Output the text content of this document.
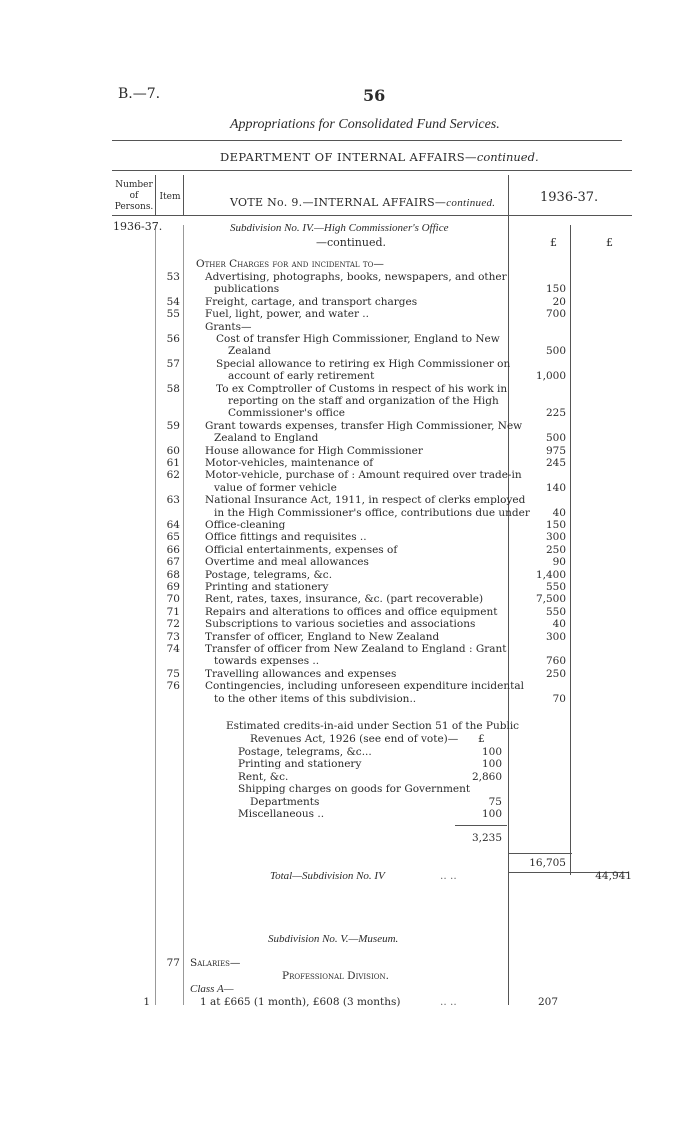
B.—7.	56
Appropriations for Consolidated Fund Services.
DEPARTMENT OF INTERNAL AFFAIRS—continued.
Number of Persons.
Item	VOTE No. 9.—INTERNAL AFFAIRS—continued.	1936-37.
1936-37.	Subdivision No. IV.—High Commissioner's Office
—continued.	£	£
Other Charges for and incidental to—
53 Advertising, photographs, books, newspapers, and other
publications	150
54 Freight, cartage, and transport charges	20
55 Fuel, light, power, and water ..	700
Grants—
56	Cost of transfer High Commissioner, England to New
Zealand	500
57	Special allowance to retiring ex High Commissioner on
account of early retirement	1,000
58	To ex Comptroller of Customs in respect of his work in
reporting on the staff and organization of the High
Commissioner's office	225
59 Grant towards expenses, transfer High Commissioner, New
Zealand to England	500
60 House allowance for High Commissioner	975
61 Motor-vehicles, maintenance of	245
62 Motor-vehicle, purchase of : Amount required over trade-in
value of former vehicle	140
63 National Insurance Act, 1911, in respect of clerks employed
in the High Commissioner's office, contributions due under 40
64 Office-cleaning	150
65 Office fittings and requisites ..	300
66 Official entertainments, expenses of	250
67 Overtime and meal allowances	90
68 Postage, telegrams, &c.	1,400
69 Printing and stationery	550
70 Rent, rates, taxes, insurance, &c. (part recoverable)	7,500
71 Repairs and alterations to offices and office equipment	550
72 Subscriptions to various societies and associations	40
73 Transfer of officer, England to New Zealand	300
74 Transfer of officer from New Zealand to England : Grant
towards expenses ..	760
75 Travelling allowances and expenses	250
76 Contingencies, including unforeseen expenditure incidental
to the other items of this subdivision..	70
Estimated credits-in-aid under Section 51 of the Public
Revenues Act, 1926 (see end of vote)— £
Postage, telegrams, &c...	100
Printing and stationery	100
Rent, &c.	2,860
Shipping charges on goods for Government
Departments	75
Miscellaneous ..	100
3,235
16,705
Total—Subdivision No. IV	.. ..	44,941
Subdivision No. V.—Museum.
77 Salaries—
Professional Division.
Class A—
1	1 at £665 (1 month), £608 (3 months)	.. ..	207
